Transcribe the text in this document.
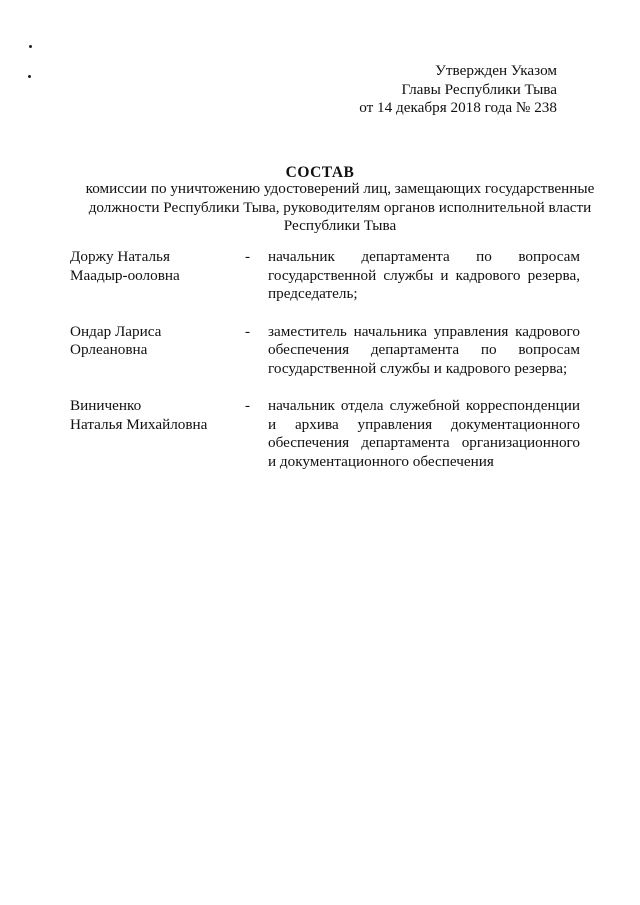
Утвержден Указом
Главы Республики Тыва
от 14 декабря 2018 года № 238
СОСТАВ
комиссии по уничтожению удостоверений лиц, замещающих государственные
должности Республики Тыва, руководителям органов исполнительной власти
Республики Тыва
Доржу Наталья
Маадыр-ооловна
- начальник департамента по вопросам
государственной службы и кадрового резерва,
председатель;
Ондар Лариса
Орлеановна
- заместитель начальника управления кадрового
обеспечения департамента по вопросам
государственной службы и кадрового резерва;
Виниченко
Наталья Михайловна
- начальник отдела служебной корреспонденции
и архива управления документационного
обеспечения департамента организационного
и документационного обеспечения
